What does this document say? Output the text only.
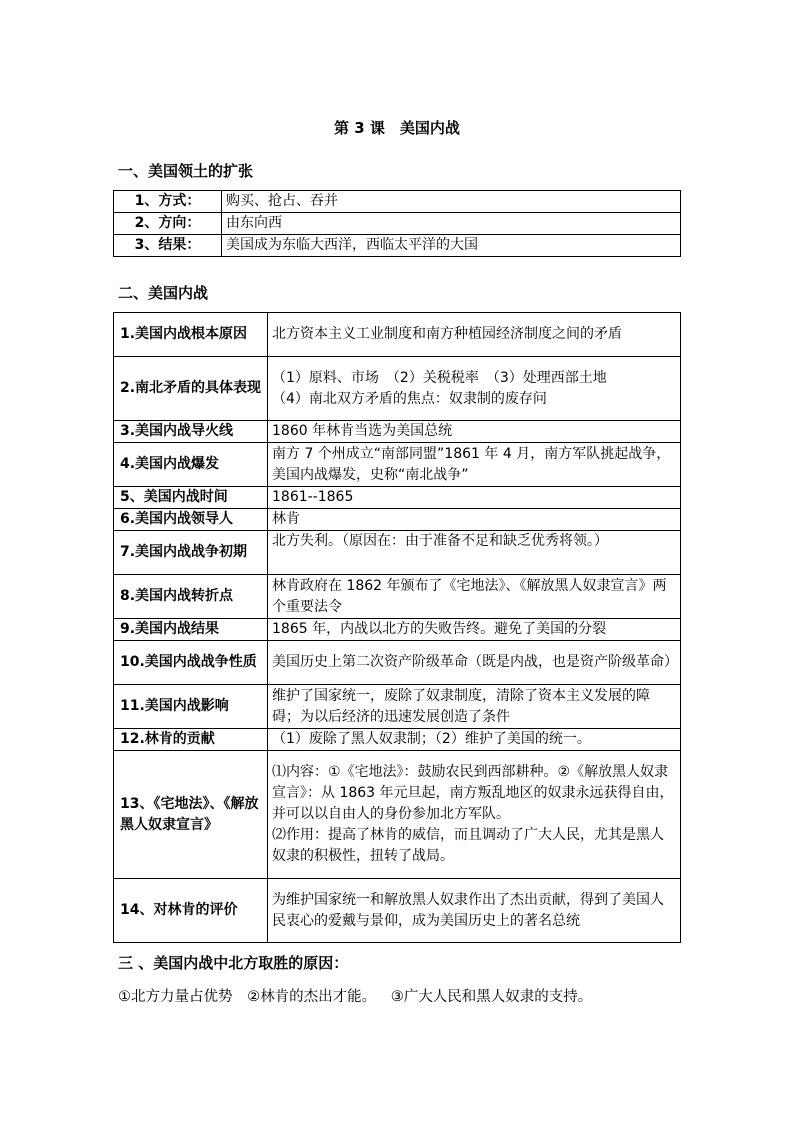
第 3 课　美国内战
一、美国领土的扩张
1、方式：	购买、抢占、吞并
2、方向：	由东向西
3、结果：	美国成为东临大西洋，西临太平洋的大国
二、美国内战
1.美国内战根本原因	北方资本主义工业制度和南方种植园经济制度之间的矛盾
2.南北矛盾的具体表现	（1）原料、市场　（2）关税税率　（3）处理西部土地
（4）南北双方矛盾的焦点：奴隶制的废存问
3.美国内战导火线	1860 年林肯当选为美国总统
4.美国内战爆发	南方 7 个州成立“南部同盟”1861 年 4 月，南方军队挑起战争，美国内战爆发，史称“南北战争”
5、美国内战时间	1861--1865
6.美国内战领导人	林肯
7.美国内战战争初期	北方失利。（原因在：由于准备不足和缺乏优秀将领。）
8.美国内战转折点	林肯政府在 1862 年颁布了《宅地法》、《解放黑人奴隶宣言》两个重要法令
9.美国内战结果	1865 年，内战以北方的失败告终。避免了美国的分裂
10.美国内战战争性质	美国历史上第二次资产阶级革命（既是内战，也是资产阶级革命）
11.美国内战影响	维护了国家统一，废除了奴隶制度，清除了资本主义发展的障碍；为以后经济的迅速发展创造了条件
12.林肯的贡献	（1）废除了黑人奴隶制；（2）维护了美国的统一。
13、《宅地法》、《解放黑人奴隶宣言》	⑴内容：①《宅地法》：鼓励农民到西部耕种。②《解放黑人奴隶宣言》：从 1863 年元旦起，南方叛乱地区的奴隶永远获得自由，并可以以自由人的身份参加北方军队。
⑵作用：提高了林肯的威信，而且调动了广大人民，尤其是黑人奴隶的积极性，扭转了战局。
14、对林肯的评价	为维护国家统一和解放黑人奴隶作出了杰出贡献，得到了美国人民衷心的爱戴与景仰，成为美国历史上的著名总统
三 、美国内战中北方取胜的原因：
①北方力量占优势 ②林肯的杰出才能。 ③广大人民和黑人奴隶的支持。
